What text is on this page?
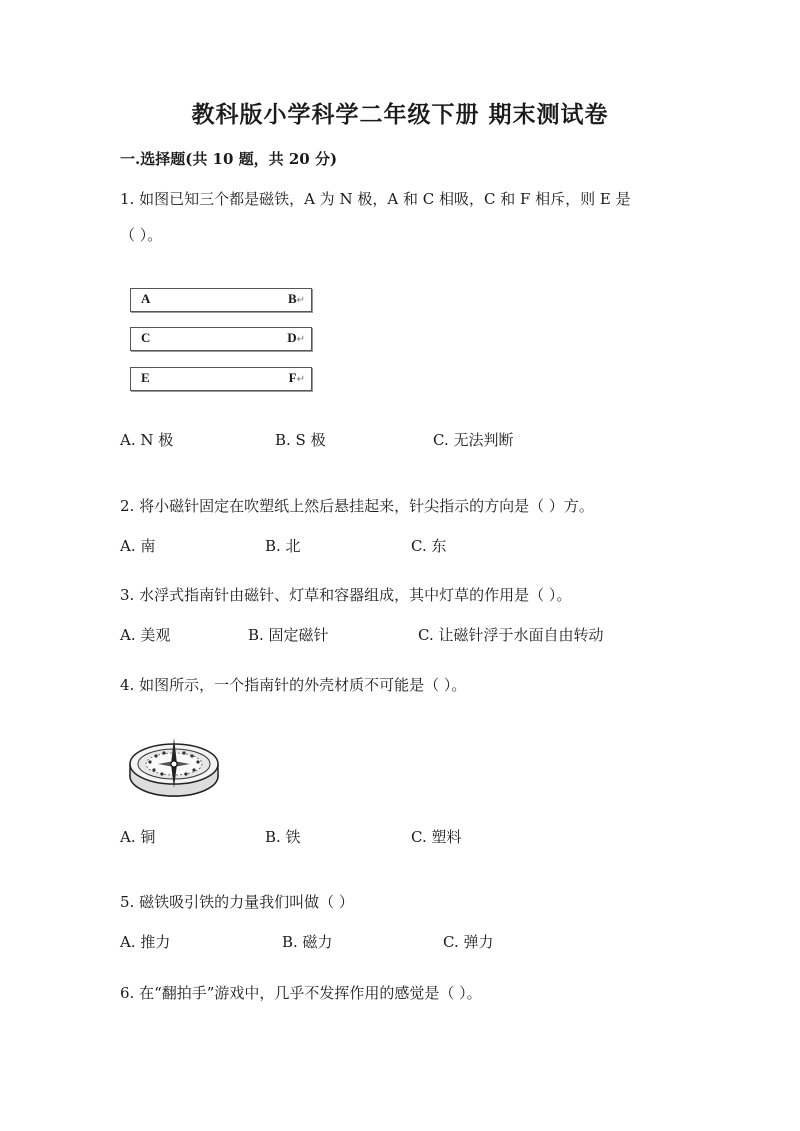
教科版小学科学二年级下册 期末测试卷
一.选择题(共 10 题，共 20 分)
1. 如图已知三个都是磁铁，A 为 N 极，A 和 C 相吸，C 和 F 相斥，则 E 是
（ ）。
A	B↵
C	D↵
E	F↵
A. N 极	B. S 极	C. 无法判断
2. 将小磁针固定在吹塑纸上然后悬挂起来，针尖指示的方向是（ ）方。
A. 南	B. 北	C. 东
3. 水浮式指南针由磁针、灯草和容器组成，其中灯草的作用是（ ）。
A. 美观	B. 固定磁针	C. 让磁针浮于水面自由转动
4. 如图所示，一个指南针的外壳材质不可能是（ ）。
A. 铜	B. 铁	C. 塑料
5. 磁铁吸引铁的力量我们叫做（ ）
A. 推力	B. 磁力	C. 弹力
6. 在“翻拍手”游戏中，几乎不发挥作用的感觉是（ ）。
